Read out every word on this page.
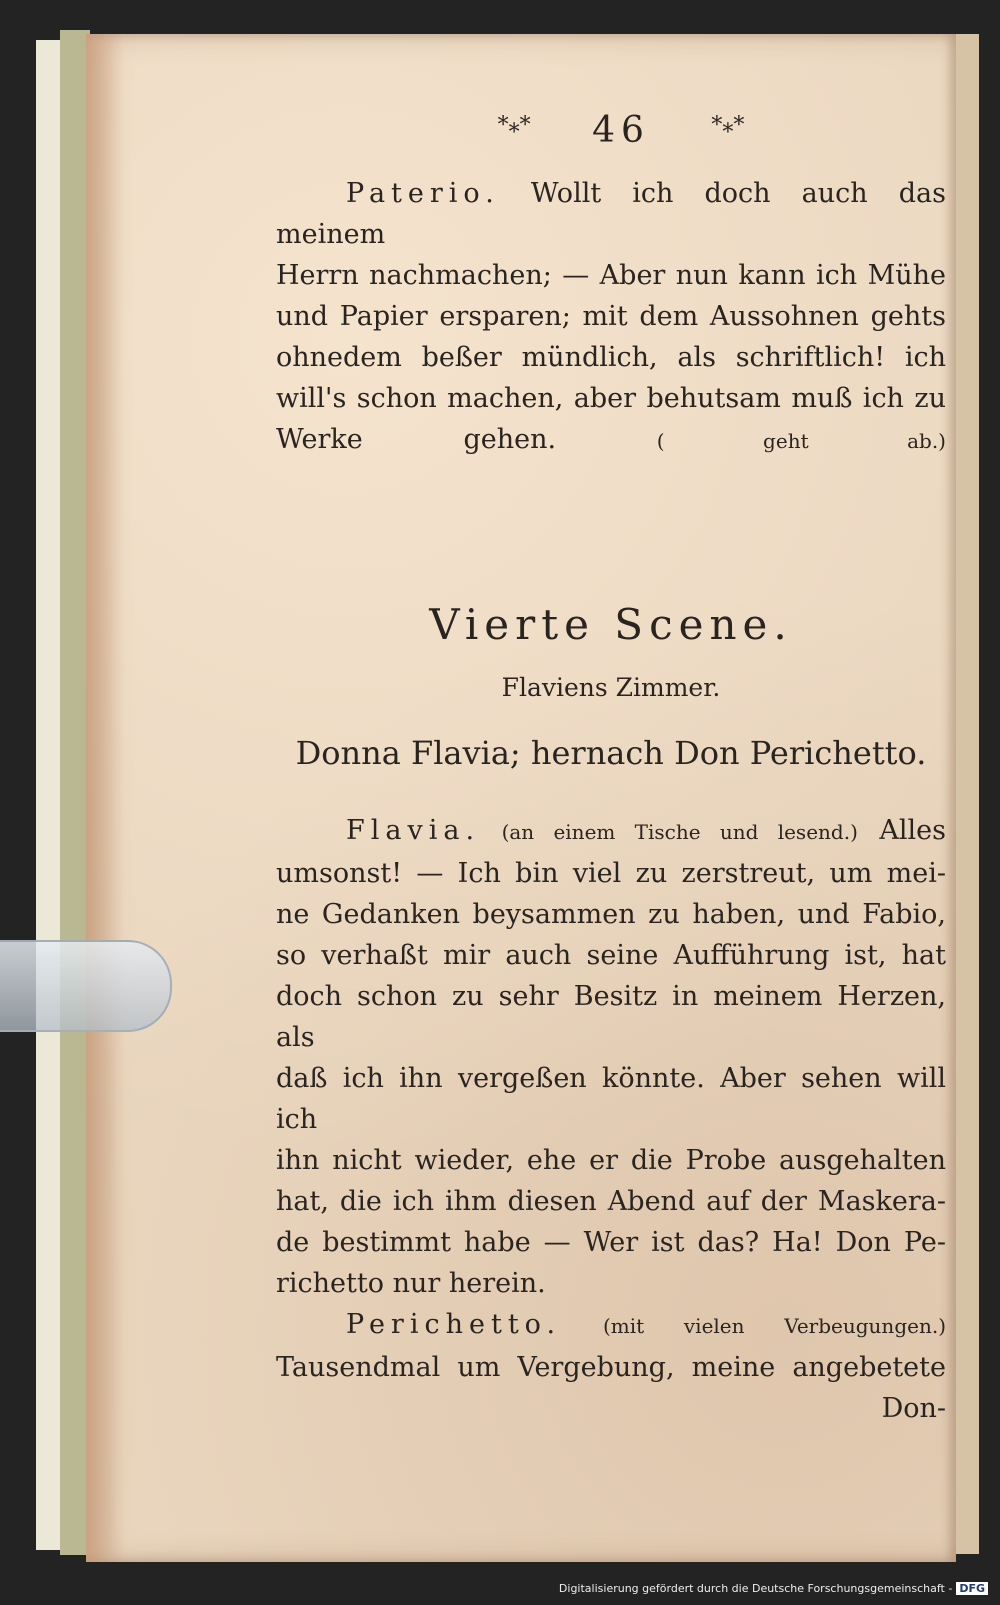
*⁎* 46	*⁎*

Paterio. Wollt ich doch auch das meinem

Herrn nachmachen; — Aber nun kann ich Mühe

und Papier ersparen; mit dem Aussohnen gehts

ohnedem beßer mündlich, als schriftlich! ich

will's schon machen, aber behutsam muß ich zu

Werke gehen.	( geht ab.)

Vierte Scene.
Flaviens Zimmer.
Donna Flavia; hernach Don Perichetto.

Flavia. (an einem Tische und lesend.) Alles

umsonst! — Ich bin viel zu zerstreut, um mei-

ne Gedanken beysammen zu haben, und Fabio,

so verhaßt mir auch seine Aufführung ist, hat

doch schon zu sehr Besitz in meinem Herzen, als

daß ich ihn vergeßen könnte. Aber sehen will ich

ihn nicht wieder, ehe er die Probe ausgehalten

hat, die ich ihm diesen Abend auf der Maskera-

de bestimmt habe — Wer ist das? Ha! Don Pe-

richetto nur herein.

Perichetto. (mit vielen Verbeugungen.)

Tausendmal um Vergebung, meine angebetete

Don-
Digitalisierung gefördert durch die Deutsche Forschungsgemeinschaft - DFG
